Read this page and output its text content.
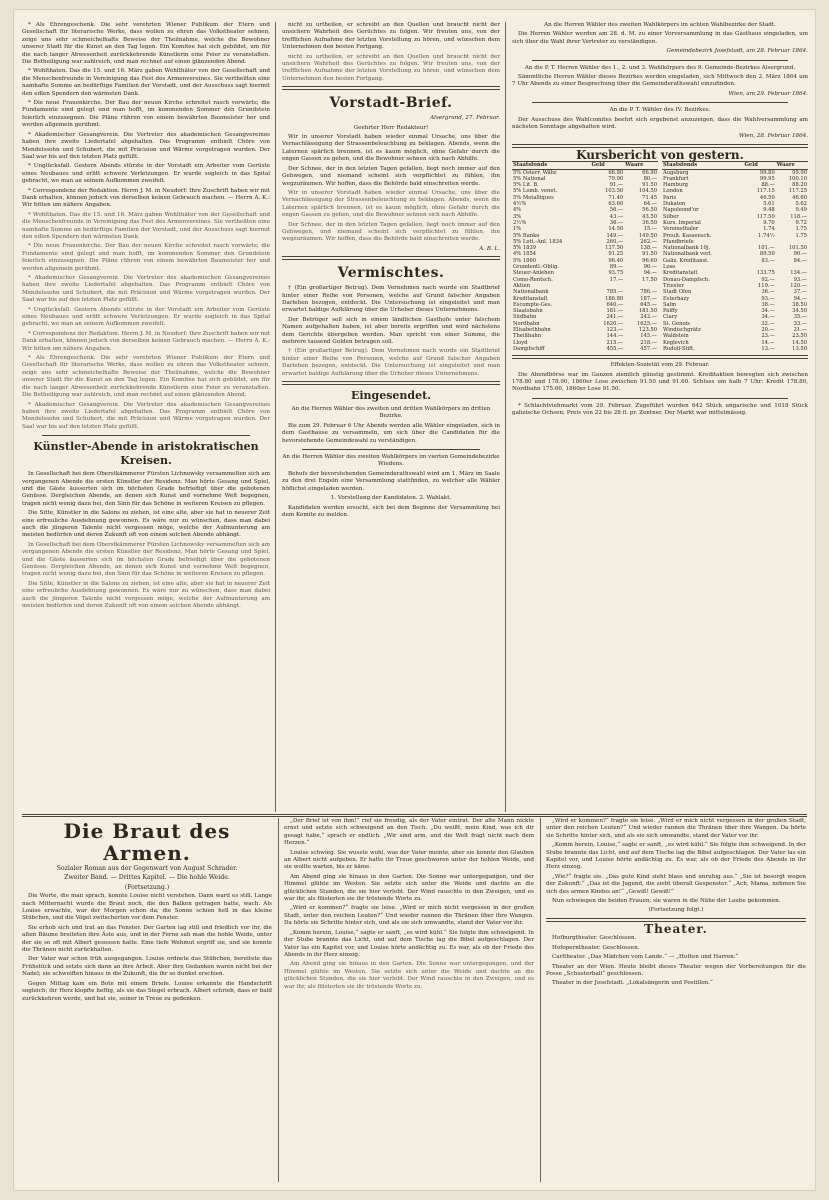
* Als Ehrengeschenk. Die sehr verehrten Wiener Publikum der Etern und Gesellschaft für literarische Werke, dass wollen zu ehren das Volkstheater sehnen, zeige uns sehr schmeichelhafte Beweise der Theilnahme, welche die Bewohner unserer Stadt für die Kunst an den Tag legen. Ein Komitee hat sich gebildet, um für die nach langer Abwesenheit zurückkehrende Künstlerin eine Feier zu veranstalten. Die Betheiligung war zahlreich, und man rechnet auf einen glänzenden Abend.

* Wohlthaten. Das die 15. und 16. März gaben Wohlthäter von der Gesellschaft und die Menschenfreunde in Vereinigung das Fest des Armenvereines. Sie vertheilten eine namhafte Summe an bedürftige Familien der Vorstadt, und der Ausschuss sagt hiermit den edlen Spendern den wärmsten Dank.

* Die neue Frauenkirche. Der Bau der neuen Kirche schreitet rasch vorwärts; die Fundamente sind gelegt und man hofft, im kommenden Sommer den Grundstein feierlich einzusegnen. Die Pläne rühren von einem bewährten Baumeister her und werden allgemein gerühmt.

* Akademischer Gesangverein. Die Vertreter des akademischen Gesangvereines haben ihre zweite Liedertafel abgehalten. Das Programm enthielt Chöre von Mendelssohn und Schubert, die mit Präcision und Wärme vorgetragen wurden. Der Saal war bis auf den letzten Platz gefüllt.

* Unglücksfall. Gestern Abends stürzte in der Vorstadt ein Arbeiter vom Gerüste eines Neubaues und erlitt schwere Verletzungen. Er wurde sogleich in das Spital gebracht, wo man an seinem Aufkommen zweifelt.

* Correspondenz der Redaktion. Herrn J. M. in Neudorf: Ihre Zuschrift haben wir mit Dank erhalten, können jedoch von derselben keinen Gebrauch machen. — Herrn A. K.: Wir bitten um nähere Angaben.

* Wohlthaten. Das die 15. und 16. März gaben Wohlthäter von der Gesellschaft und die Menschenfreunde in Vereinigung das Fest des Armenvereines. Sie vertheilten eine namhafte Summe an bedürftige Familien der Vorstadt, und der Ausschuss sagt hiermit den edlen Spendern den wärmsten Dank.

* Die neue Frauenkirche. Der Bau der neuen Kirche schreitet rasch vorwärts; die Fundamente sind gelegt und man hofft, im kommenden Sommer den Grundstein feierlich einzusegnen. Die Pläne rühren von einem bewährten Baumeister her und werden allgemein gerühmt.

* Akademischer Gesangverein. Die Vertreter des akademischen Gesangvereines haben ihre zweite Liedertafel abgehalten. Das Programm enthielt Chöre von Mendelssohn und Schubert, die mit Präcision und Wärme vorgetragen wurden. Der Saal war bis auf den letzten Platz gefüllt.

* Unglücksfall. Gestern Abends stürzte in der Vorstadt ein Arbeiter vom Gerüste eines Neubaues und erlitt schwere Verletzungen. Er wurde sogleich in das Spital gebracht, wo man an seinem Aufkommen zweifelt.

* Correspondenz der Redaktion. Herrn J. M. in Neudorf: Ihre Zuschrift haben wir mit Dank erhalten, können jedoch von derselben keinen Gebrauch machen. — Herrn A. K.: Wir bitten um nähere Angaben.

* Als Ehrengeschenk. Die sehr verehrten Wiener Publikum der Etern und Gesellschaft für literarische Werke, dass wollen zu ehren das Volkstheater sehnen, zeige uns sehr schmeichelhafte Beweise der Theilnahme, welche die Bewohner unserer Stadt für die Kunst an den Tag legen. Ein Komitee hat sich gebildet, um für die nach langer Abwesenheit zurückkehrende Künstlerin eine Feier zu veranstalten. Die Betheiligung war zahlreich, und man rechnet auf einen glänzenden Abend.

* Akademischer Gesangverein. Die Vertreter des akademischen Gesangvereines haben ihre zweite Liedertafel abgehalten. Das Programm enthielt Chöre von Mendelssohn und Schubert, die mit Präcision und Wärme vorgetragen wurden. Der Saal war bis auf den letzten Platz gefüllt.

Künstler-Abende in aristokratischen Kreisen.

In Gesellschaft bei dem Oberstkämmerer Fürsten Lichnowsky versammelten sich am vergangenen Abende die ersten Künstler der Residenz. Man hörte Gesang und Spiel, und die Gäste äusserten sich im höchsten Grade befriedigt über die gebotenen Genüsse. Dergleichen Abende, an denen sich Kunst und vornehme Welt begegnen, tragen nicht wenig dazu bei, den Sinn für das Schöne in weiteren Kreisen zu pflegen.

Die Sitte, Künstler in die Salons zu ziehen, ist eine alte, aber sie hat in neuerer Zeit eine erfreuliche Ausdehnung gewonnen. Es wäre nur zu wünschen, dass man dabei auch die jüngeren Talente nicht vergessen möge, welche der Aufmunterung am meisten bedürfen und deren Zukunft oft von einem solchen Abende abhängt.

In Gesellschaft bei dem Oberstkämmerer Fürsten Lichnowsky versammelten sich am vergangenen Abende die ersten Künstler der Residenz. Man hörte Gesang und Spiel, und die Gäste äusserten sich im höchsten Grade befriedigt über die gebotenen Genüsse. Dergleichen Abende, an denen sich Kunst und vornehme Welt begegnen, tragen nicht wenig dazu bei, den Sinn für das Schöne in weiteren Kreisen zu pflegen.

Die Sitte, Künstler in die Salons zu ziehen, ist eine alte, aber sie hat in neuerer Zeit eine erfreuliche Ausdehnung gewonnen. Es wäre nur zu wünschen, dass man dabei auch die jüngeren Talente nicht vergessen möge, welche der Aufmunterung am meisten bedürfen und deren Zukunft oft von einem solchen Abende abhängt.

nicht zu urtheilen, er schreibt an den Quellen und braucht nicht der unsichern Wahrheit des Gerüchtes zu folgen. Wir freuten uns, von der trefflichen Aufnahme der letzten Vorstellung zu hören, und wünschen dem Unternehmen den besten Fortgang.

nicht zu urtheilen, er schreibt an den Quellen und braucht nicht der unsichern Wahrheit des Gerüchtes zu folgen. Wir freuten uns, von der trefflichen Aufnahme der letzten Vorstellung zu hören, und wünschen dem Unternehmen den besten Fortgang.

Vorstadt-Brief.
Alsergrund, 27. Februar.

Geehrter Herr Redakteur!

Wir in unserer Vorstadt haben wieder einmal Ursache, uns über die Vernachlässigung der Strassenbeleuchtung zu beklagen. Abends, wenn die Laternen spärlich brennen, ist es kaum möglich, ohne Gefahr durch die engen Gassen zu gehen, und die Bewohner sehnen sich nach Abhilfe.

Der Schnee, der in den letzten Tagen gefallen, liegt noch immer auf den Gehwegen, und niemand scheint sich verpflichtet zu fühlen, ihn wegzuräumen. Wir hoffen, dass die Behörde bald einschreiten werde.

Wir in unserer Vorstadt haben wieder einmal Ursache, uns über die Vernachlässigung der Strassenbeleuchtung zu beklagen. Abends, wenn die Laternen spärlich brennen, ist es kaum möglich, ohne Gefahr durch die engen Gassen zu gehen, und die Bewohner sehnen sich nach Abhilfe.

Der Schnee, der in den letzten Tagen gefallen, liegt noch immer auf den Gehwegen, und niemand scheint sich verpflichtet zu fühlen, ihn wegzuräumen. Wir hoffen, dass die Behörde bald einschreiten werde.

A. B. L.
Vermischtes.

† (Ein großartiger Betrug). Dem Vernehmen nach wurde ein Stadtbrief hinter einer Reihe von Personen, welche auf Grund falscher Angaben Darlehen bezogen, entdeckt. Die Untersuchung ist eingeleitet und man erwartet baldige Aufklärung über die Urheber dieses Unternehmens.

Der Betrüger soll sich in einem ländlichen Gasthofe unter falschem Namen aufgehalten haben, ist aber bereits ergriffen und wird nächstens dem Gerichte übergeben werden. Man spricht von einer Summe, die mehrere tausend Gulden betragen soll.

† (Ein großartiger Betrug). Dem Vernehmen nach wurde ein Stadtbrief hinter einer Reihe von Personen, welche auf Grund falscher Angaben Darlehen bezogen, entdeckt. Die Untersuchung ist eingeleitet und man erwartet baldige Aufklärung über die Urheber dieses Unternehmens.

Eingesendet.

An die Herren Wähler des zweiten und dritten Wahlkörpers im dritten Bezirke.

Bis zum 29. Februar 6 Uhr Abends werden alle Wähler eingeladen, sich in dem Gasthause zu versammeln, um sich über die Candidaten für die bevorstehende Gemeindewahl zu verständigen.

An die Herren Wähler des zweiten Wahlkörpers im vierten Gemeindebezirke Wiedens.

Behufs der bevorstehenden Gemeinderathswahl wird am 1. März im Saale zu den drei Engeln eine Versammlung stattfinden, zu welcher alle Wähler höflichst eingeladen werden.

1. Vorstellung der Kandidaten. 2. Wahlakt.

Kandidaten werden ersucht, sich bei dem Beginne der Versammlung bei dem Komite zu melden.

An die Herren Wähler des zweiten Wahlkörpers im achten Wahlbezirke der Stadt.

Die Herren Wähler werden am 28. d. M. zu einer Vorversammlung in das Gasthaus eingeladen, um sich über die Wahl ihrer Vertreter zu verständigen.

Gemeindebezirk Josefstadt, am 28. Februar 1864.

An die P. T. Herren Wähler des 1., 2. und 3. Wahlkörpers des 9. Gemeinde-Bezirkes Alsergrund.

Sämmtliche Herren Wähler dieses Bezirkes werden eingeladen, sich Mittwoch den 2. März 1864 um 7 Uhr Abends zu einer Besprechung über die Gemeinderathswahl einzufinden.

Wien, am 29. Februar 1864.

An die P. T. Wähler des IV. Bezirkes.

Der Ausschuss des Wahlcomites beehrt sich ergebenst anzuzeigen, dass die Wahlversammlung am nächsten Sonntage abgehalten wird.

Wien, 28. Februar 1864.
Kursbericht von gestern.
Staatsfonds	Geld	Waare
5% Österr. Währ.	66.80	66.90
5% National	79.90	80.—
5% Lit. B.	91.—	91.50
5% Lomb. venet.	103.50	104.50
5% Metalliques	71.40	71.45
4½%	63.60	64.—
4%	56.—	56.50
3%	43.—	43.50
2½%	36.—	36.50
1%	14.50	15.—
5% Banko	149.—	149.50
5% Lott.-Anl. 1834	260.—	262.—
5% 1839	137.50	138.—
4% 1854	91.25	91.50
5% 1860	96.40	96.60
Grundentl.-Oblig.	89.—	90.—
Steuer-Anlehen	93.75	94.—
Como-Rentsch.	17.—	17.50
Aktien		
Nationalbank	785.—	786.—
Kreditanstalt	186.80	187.—
Escompte-Ges.	640.—	645.—
Staatsbahn	181.—	181.50
Südbahn	241.—	242.—
Nordbahn	1620.—	1625.—
Elisabethbahn	123.—	123.50
Theißbahn	144.—	145.—
Lloyd	215.—	218.—
Dampfschiff	455.—	457.—
Staatsfonds	Geld	Waare
Augsburg	99.80	99.90
Frankfurt	99.95	100.10
Hamburg	88.—	88.20
London	117.15	117.25
Paris	46.50	46.60
Dukaten	5.61	5.62
Napoleond'or	9.48	9.49
Silber	117.50	118.—
Kurs. Imperial	9.70	9.72
Vereinsthaler	1.74	1.75
Preuß. Kassensch.	1.74½	1.75
Pfandbriefe		
Nationalbank 10j.	101.—	101.50
Nationalbank verl.	89.50	90.—
Galiz. Kreditanst.	83.—	84.—
Lose		
Kreditanstalt	133.75	134.—
Donau-Dampfsch.	92.—	93.—
Triester	119.—	120.—
Stadt Ofen	36.—	37.—
Esterházy	93.—	94.—
Salm	38.—	38.50
Pálffy	34.—	34.50
Clary	34.—	35.—
St. Genois	32.—	33.—
Windischgrätz	20.—	21.—
Waldstein	23.—	23.50
Keglevich	14.—	14.50
Rudolf-Stift.	13.—	13.50

Effekten-Sozietät vom 29. Februar.

Die Abendbörse war im Ganzen ziemlich günstig gestimmt. Kreditaktien bewegten sich zwischen 178.80 und 178.90, 1860er Lose zwischen 91.50 und 91.60. Schluss um halb 7 Uhr: Kredit 178.80, Nordbahn 175.60, 1860er Lose 91.50.

* Schlachtviehmarkt vom 29. Februar. Zugeführt wurden 642 Stück ungarische und 1018 Stück galizische Ochsen; Preis von 22 bis 28 fl. pr. Zentner. Der Markt war mittelmässig.

Die Braut des Armen.
Sozialer Roman aus der Gegenwart von August Schrader.
Zweiter Band. — Drittes Kapitel. — Die hohle Weide.
(Fortsetzung.)

Die Worte, die man sprach, konnte Louise nicht verstehen. Dann ward es still. Lange nach Mitternacht wurde die Braut noch, die den Balken getragen hatte, wach. Als Louise erwachte, war der Morgen schon da; die Sonne schien hell in das kleine Stübchen, und die Vögel zwitscherten vor dem Fenster.

Sie erhob sich und trat an das Fenster. Der Garten lag still und friedlich vor ihr, die alten Bäume breiteten ihre Äste aus, und in der Ferne sah man die hohle Weide, unter der sie so oft mit Albert gesessen hatte. Eine tiefe Wehmut ergriff sie, und sie konnte die Thränen nicht zurückhalten.

Der Vater war schon früh ausgegangen. Louise ordnete das Stübchen, bereitete das Frühstück und setzte sich dann an ihre Arbeit. Aber ihre Gedanken waren nicht bei der Nadel; sie schweiften hinaus in die Zukunft, die ihr so dunkel erschien.

Gegen Mittag kam ein Bote mit einem Briefe. Louise erkannte die Handschrift sogleich; ihr Herz klopfte heftig, als sie das Siegel erbrach. Albert schrieb, dass er bald zurückkehren werde, und bat sie, seiner in Treue zu gedenken.

„Der Brief ist von ihm!“ rief sie freudig, als der Vater eintrat. Der alte Mann nickte ernst und setzte sich schweigend an den Tisch. „Du weißt, mein Kind, was ich dir gesagt habe,“ sprach er endlich. „Wir sind arm, und die Welt fragt nicht nach dem Herzen.“

Louise schwieg. Sie wusste wohl, was der Vater meinte, aber sie konnte den Glauben an Albert nicht aufgeben. Er hatte ihr Treue geschworen unter der hohlen Weide, und sie wollte warten, bis er käme.

Am Abend ging sie hinaus in den Garten. Die Sonne war untergegangen, und der Himmel glühte im Westen. Sie setzte sich unter die Weide und dachte an die glücklichen Stunden, die sie hier verlebt. Der Wind rauschte in den Zweigen, und es war ihr, als flüsterten sie ihr tröstende Worte zu.

„Wird er kommen?“ fragte sie leise. „Wird er mich nicht vergessen in der großen Stadt, unter den reichen Leuten?“ Und wieder rannen die Thränen über ihre Wangen. Da hörte sie Schritte hinter sich, und als sie sich umwandte, stand der Vater vor ihr.

„Komm herein, Louise,“ sagte er sanft, „es wird kühl.“ Sie folgte ihm schweigend. In der Stube brannte das Licht, und auf dem Tische lag die Bibel aufgeschlagen. Der Vater las ein Kapitel vor, und Louise hörte andächtig zu. Es war, als ob der Friede des Abends in ihr Herz einzog.

Am Abend ging sie hinaus in den Garten. Die Sonne war untergegangen, und der Himmel glühte im Westen. Sie setzte sich unter die Weide und dachte an die glücklichen Stunden, die sie hier verlebt. Der Wind rauschte in den Zweigen, und es war ihr, als flüsterten sie ihr tröstende Worte zu.

„Wird er kommen?“ fragte sie leise. „Wird er mich nicht vergessen in der großen Stadt, unter den reichen Leuten?“ Und wieder rannen die Thränen über ihre Wangen. Da hörte sie Schritte hinter sich, und als sie sich umwandte, stand der Vater vor ihr.

„Komm herein, Louise,“ sagte er sanft, „es wird kühl.“ Sie folgte ihm schweigend. In der Stube brannte das Licht, und auf dem Tische lag die Bibel aufgeschlagen. Der Vater las ein Kapitel vor, und Louise hörte andächtig zu. Es war, als ob der Friede des Abends in ihr Herz einzog.

„Wie?“ fragte sie. „Das gute Kind sieht blass und unruhig aus.“ „Sie ist besorgt wegen der Zukunft.“ „Das ist die Jugend, die sieht überall Gespenster.“ „Ach, Mama, nehmen Sie sich des armen Kindes an!“ „Gewiß! Gewiß!“

Nun schwiegen die beiden Frauen; sie waren in die Nähe der Laube gekommen.

(Fortsetzung folgt.)
Theater.

Hofburgtheater. Geschlossen.

Hofoperntheater. Geschlossen.

Carltheater. „Das Mädchen vom Lande.“ — „Hutten und Harren.“

Theater an der Wien. Heute bleibt dieses Theater wegen der Vorbereitungen für die Posse „Schusterball“ geschlossen.

Theater in der Josefstadt. „Lokalsängerin und Postillon.“
